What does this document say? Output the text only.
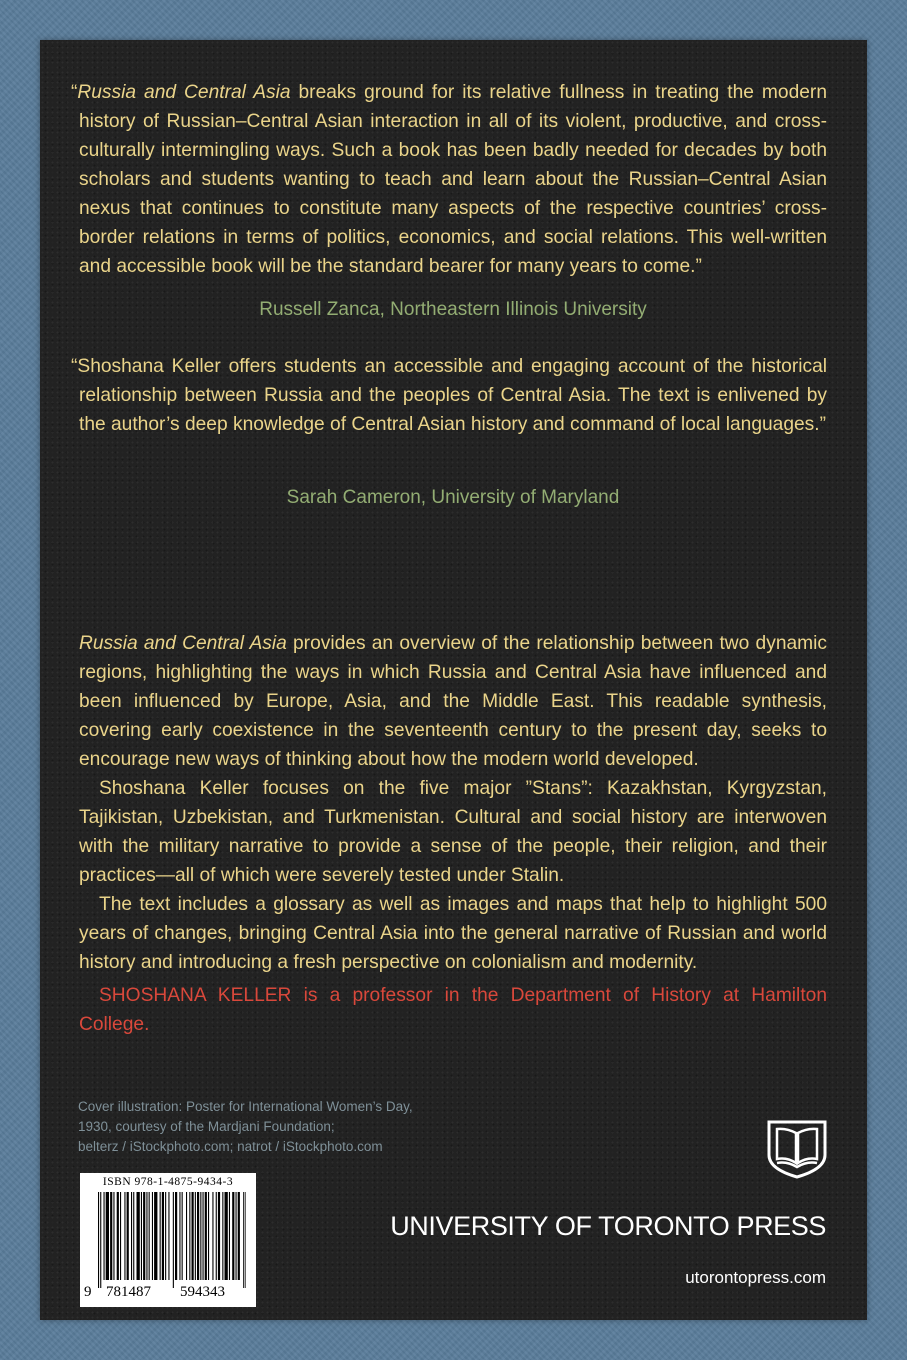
“Russia and Central Asia breaks ground for its relative fullness in treating the modern history of Russian–Central Asian interaction in all of its violent, productive, and cross-culturally intermingling ways. Such a book has been badly needed for decades by both scholars and students wanting to teach and learn about the Russian–Central Asian nexus that continues to constitute many aspects of the respective countries’ cross-border relations in terms of politics, economics, and social relations. This well-written and accessible book will be the standard bearer for many years to come.”

Russell Zanca, Northeastern Illinois University

“Shoshana Keller offers students an accessible and engaging account of the historical relationship between Russia and the peoples of Central Asia. The text is enlivened by the author’s deep knowledge of Central Asian history and command of local languages.”

Sarah Cameron, University of Maryland

Russia and Central Asia provides an overview of the relationship between two dynamic regions, highlighting the ways in which Russia and Central Asia have influenced and been influenced by Europe, Asia, and the Middle East. This readable synthesis, covering early coexistence in the seventeenth century to the present day, seeks to encourage new ways of thinking about how the modern world developed.

Shoshana Keller focuses on the five major ”Stans”: Kazakhstan, Kyrgyzstan, Tajikistan, Uzbekistan, and Turkmenistan. Cultural and social history are interwoven with the military narrative to provide a sense of the people, their religion, and their practices—all of which were severely tested under Stalin.

The text includes a glossary as well as images and maps that help to highlight 500 years of changes, bringing Central Asia into the general narrative of Russian and world history and introducing a fresh perspective on colonialism and modernity.

SHOSHANA KELLER is a professor in the Department of History at Hamilton College.

Cover illustration: Poster for International Women’s Day,
1930, courtesy of the Mardjani Foundation;
belterz / iStockphoto.com; natrot / iStockphoto.com
ISBN 978-1-4875-9434-3
9 781487 594343
UNIVERSITY OF TORONTO PRESS
utorontopress.com
